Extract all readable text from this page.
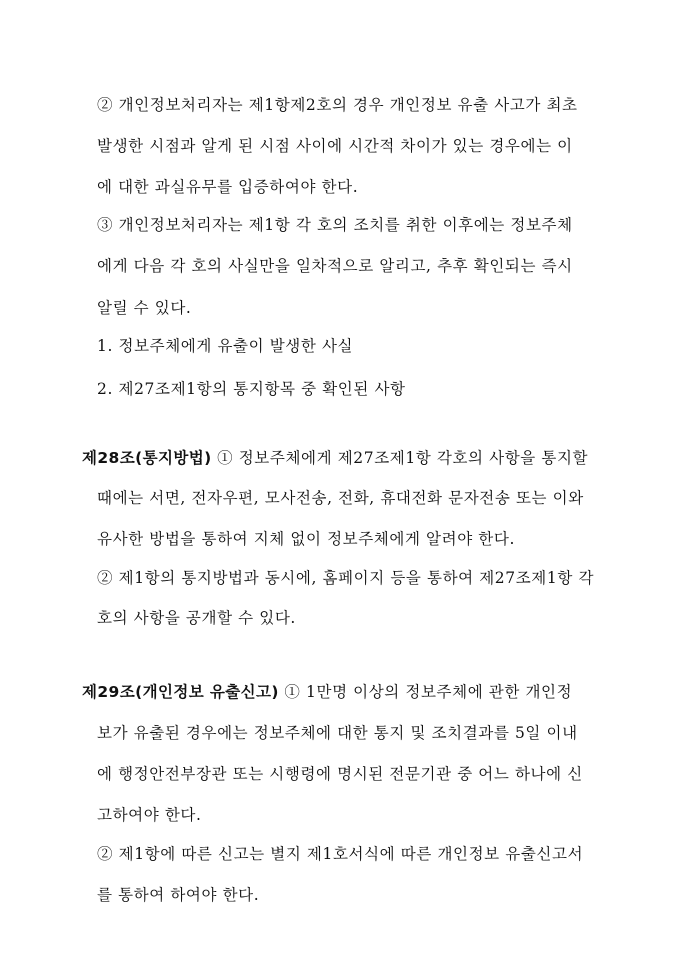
② 개인정보처리자는 제1항제2호의 경우 개인정보 유출 사고가 최초
발생한 시점과 알게 된 시점 사이에 시간적 차이가 있는 경우에는 이
에 대한 과실유무를 입증하여야 한다.
③ 개인정보처리자는 제1항 각 호의 조치를 취한 이후에는 정보주체
에게 다음 각 호의 사실만을 일차적으로 알리고, 추후 확인되는 즉시
알릴 수 있다.
1. 정보주체에게 유출이 발생한 사실
2. 제27조제1항의 통지항목 중 확인된 사항
제28조(통지방법) ① 정보주체에게 제27조제1항 각호의 사항을 통지할
때에는 서면, 전자우편, 모사전송, 전화, 휴대전화 문자전송 또는 이와
유사한 방법을 통하여 지체 없이 정보주체에게 알려야 한다.
② 제1항의 통지방법과 동시에, 홈페이지 등을 통하여 제27조제1항 각
호의 사항을 공개할 수 있다.
제29조(개인정보 유출신고) ① 1만명 이상의 정보주체에 관한 개인정
보가 유출된 경우에는 정보주체에 대한 통지 및 조치결과를 5일 이내
에 행정안전부장관 또는 시행령에 명시된 전문기관 중 어느 하나에 신
고하여야 한다.
② 제1항에 따른 신고는 별지 제1호서식에 따른 개인정보 유출신고서
를 통하여 하여야 한다.
